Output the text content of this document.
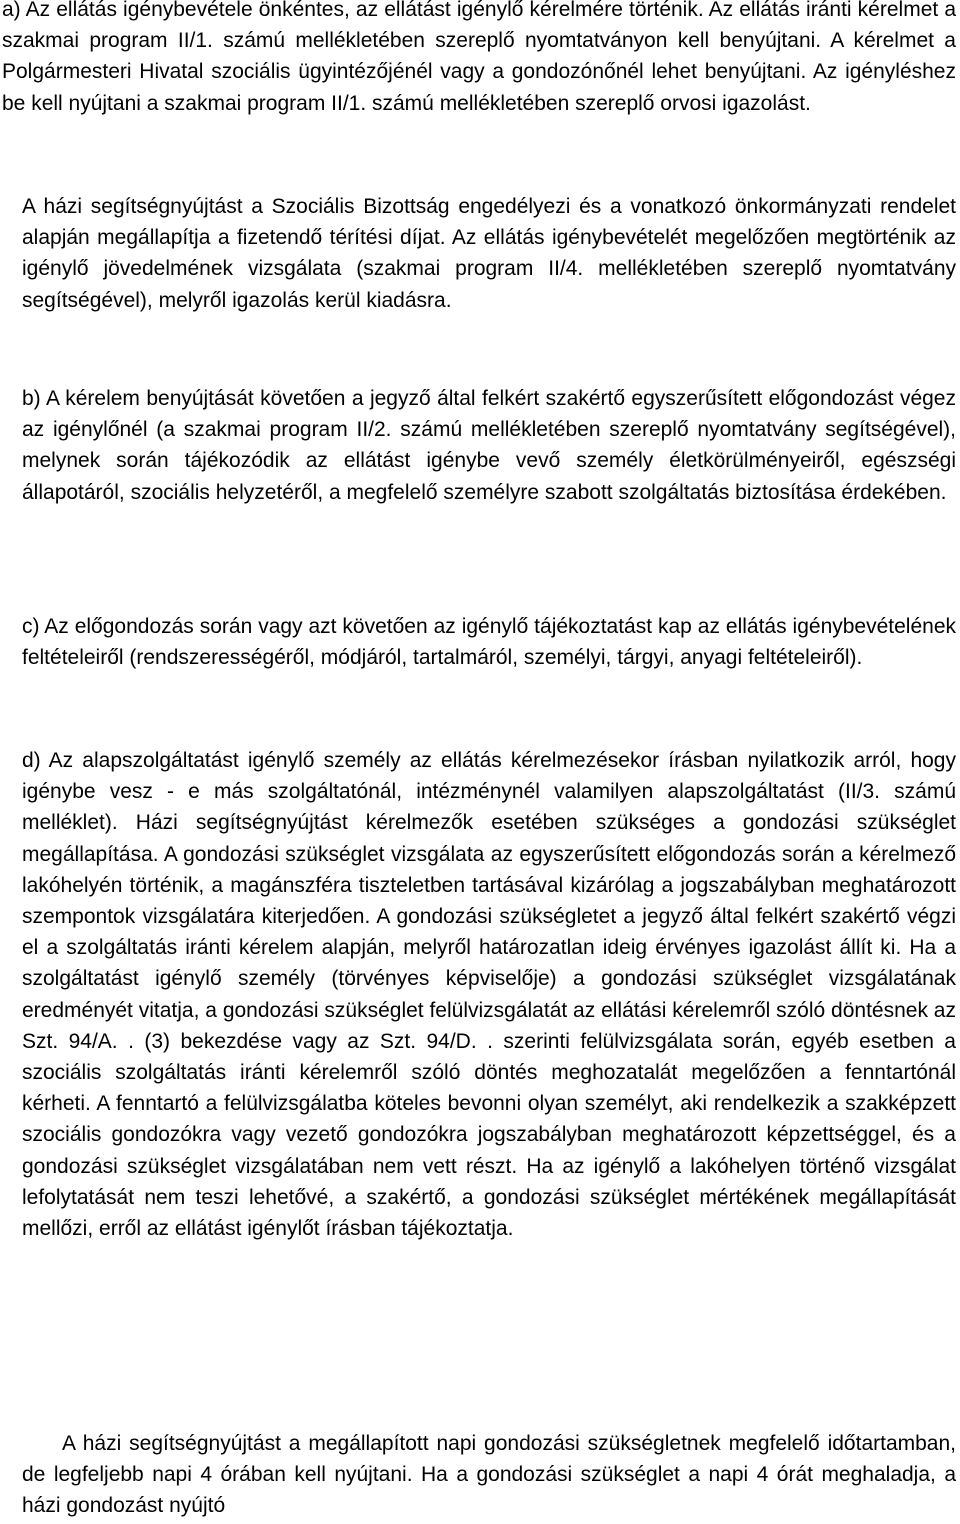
a) Az ellátás igénybevétele önkéntes, az ellátást igénylő kérelmére történik. Az ellátás iránti kérelmet a szakmai program II/1. számú mellékletében szereplő nyomtatványon kell benyújtani. A kérelmet a Polgármesteri Hivatal szociális ügyintézőjénél vagy a gondozónőnél lehet benyújtani. Az igényléshez be kell nyújtani a szakmai program II/1. számú mellékletében szereplő orvosi igazolást.

A házi segítségnyújtást a Szociális Bizottság engedélyezi és a vonatkozó önkormányzati rendelet alapján megállapítja a fizetendő térítési díjat. Az ellátás igénybevételét megelőzően megtörténik az igénylő jövedelmének vizsgálata (szakmai program II/4. mellékletében szereplő nyomtatvány segítségével), melyről igazolás kerül kiadásra.

b) A kérelem benyújtását követően a jegyző által felkért szakértő egyszerűsített előgondozást végez az igénylőnél (a szakmai program II/2. számú mellékletében szereplő nyomtatvány segítségével), melynek során tájékozódik az ellátást igénybe vevő személy életkörülményeiről, egészségi állapotáról, szociális helyzetéről, a megfelelő személyre szabott szolgáltatás biztosítása érdekében.

c) Az előgondozás során vagy azt követően az igénylő tájékoztatást kap az ellátás igénybevételének feltételeiről (rendszerességéről, módjáról, tartalmáról, személyi, tárgyi, anyagi feltételeiről).

d) Az alapszolgáltatást igénylő személy az ellátás kérelmezésekor írásban nyilatkozik arról, hogy igénybe vesz - e más szolgáltatónál, intézménynél valamilyen alapszolgáltatást (II/3. számú melléklet). Házi segítségnyújtást kérelmezők esetében szükséges a gondozási szükséglet megállapítása. A gondozási szükséglet vizsgálata az egyszerűsített előgondozás során a kérelmező lakóhelyén történik, a magánszféra tiszteletben tartásával kizárólag a jogszabályban meghatározott szempontok vizsgálatára kiterjedően. A gondozási szükségletet a jegyző által felkért szakértő végzi el a szolgáltatás iránti kérelem alapján, melyről határozatlan ideig érvényes igazolást állít ki. Ha a szolgáltatást igénylő személy (törvényes képviselője) a gondozási szükséglet vizsgálatának eredményét vitatja, a gondozási szükséglet felülvizsgálatát az ellátási kérelemről szóló döntésnek az Szt. 94/A. . (3) bekezdése vagy az Szt. 94/D. . szerinti felülvizsgálata során, egyéb esetben a szociális szolgáltatás iránti kérelemről szóló döntés meghozatalát megelőzően a fenntartónál kérheti. A fenntartó a felülvizsgálatba köteles bevonni olyan személyt, aki rendelkezik a szakképzett szociális gondozókra vagy vezető gondozókra jogszabályban meghatározott képzettséggel, és a gondozási szükséglet vizsgálatában nem vett részt. Ha az igénylő a lakóhelyen történő vizsgálat lefolytatását nem teszi lehetővé, a szakértő, a gondozási szükséglet mértékének megállapítását mellőzi, erről az ellátást igénylőt írásban tájékoztatja.

A házi segítségnyújtást a megállapított napi gondozási szükségletnek megfelelő időtartamban, de legfeljebb napi 4 órában kell nyújtani. Ha a gondozási szükséglet a napi 4 órát meghaladja, a házi gondozást nyújtó
